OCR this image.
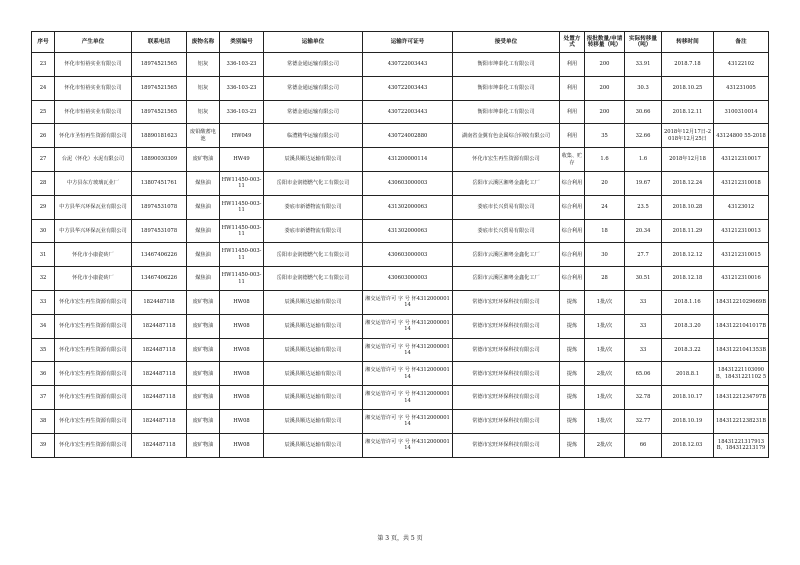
序号	产生单位	联系电话	废物名称	类别编号	运输单位	运输许可证号	接受单位	处置方式	报批数量/申请转移量（吨）	实际转移量（吨）	转移时间	备注
23	怀化市恒裕实业有限公司	18974521565	铝灰	336-103-23	常德金通运输有限公司	430722003443	衡阳市坤泰化工有限公司	利用	200	33.91	2018.7.18	43122102
24	怀化市恒裕实业有限公司	18974521565	铝灰	336-103-23	常德金通运输有限公司	430722003443	衡阳市坤泰化工有限公司	利用	200	30.3	2018.10.25	431231005
25	怀化市恒裕实业有限公司	18974521565	铝灰	336-103-23	常德金通运输有限公司	430722003443	衡阳市坤泰化工有限公司	利用	200	30.66	2018.12.11	3100310014
26	怀化市圣恒再生资源有限公司	18890181623	废铅酸蓄电池	HW049	临澧精华运输有限公司	430724002880	湖南省金翼有色金属综合回收有限公司	利用	35	32.66	2018年12月17日-2018年12月25日	43124800 55-2018
27	台泥（怀化）水泥有限公司	18890030309	废矿物油	HW49	辰溪县顺达运输有限公司	431200000114	怀化市宏生再生资源有限公司	收集、贮存	1.6	1.6	2018年12月18	431212310017
28	中方县东方玻璃瓦业厂	13807451761	煤焦油	HW11450-003-11	岳阳市金润德燃气化工有限公司	430603000003	岳阳市云溪区湘粤金鑫化工厂	综合利用	20	19.67	2018.12.24	431212310018
29	中方县华兴环保瓦业有限公司	18974531078	煤焦油	HW11450-003-11	娄底市新德物流有限公司	431302000063	娄底市长兴贸易有限公司	综合利用	24	23.5	2018.10.28	43123012
30	中方县华兴环保瓦业有限公司	18974531078	煤焦油	HW11450-003-11	娄底市新德物流有限公司	431302000063	娄底市长兴贸易有限公司	综合利用	18	20.34	2018.11.29	431212310013
31	怀化市小康瓷砖厂	13467406226	煤焦油	HW11450-003-11	岳阳市金润德燃气化工有限公司	430603000003	岳阳市云溪区湘粤金鑫化工厂	综合利用	30	27.7	2018.12.12	431212310015
32	怀化市小康瓷砖厂	13467406226	煤焦油	HW11450-003-11	岳阳市金润德燃气化工有限公司	430603000003	岳阳市云溪区湘粤金鑫化工厂	综合利用	28	30.51	2018.12.18	431212310016
33	怀化市宏生再生资源有限公司	18244871l8	废矿物油	HW08	辰溪县顺达运输有限公司	湘交运管许可 字 号 怀431200000114	常德市宏旺环保科技有限公司	提炼	1批/次	33	2018.1.16	18431221029669B
34	怀化市宏生再生资源有限公司	1824487118	废矿物油	HW08	辰溪县顺达运输有限公司	湘交运管许可 字 号 怀431200000114	常德市宏旺环保科技有限公司	提炼	1批/次	33	2018.3.20	18431221041017B
35	怀化市宏生再生资源有限公司	1824487118	废矿物油	HW08	辰溪县顺达运输有限公司	湘交运管许可 字 号 怀431200000114	常德市宏旺环保科技有限公司	提炼	1批/次	33	2018.3.22	18431221041353B
36	怀化市宏生再生资源有限公司	1824487118	废矿物油	HW08	辰溪县顺达运输有限公司	湘交运管许可 字 号 怀431200000114	常德市宏旺环保科技有限公司	提炼	2批/次	65.06	2018.8.1	18431221103090B、18431221102 5
37	怀化市宏生再生资源有限公司	1824487118	废矿物油	HW08	辰溪县顺达运输有限公司	湘交运管许可 字 号 怀431200000114	常德市宏旺环保科技有限公司	提炼	1批/次	32.78	2018.10.17	18431221234797B
38	怀化市宏生再生资源有限公司	1824487118	废矿物油	HW08	辰溪县顺达运输有限公司	湘交运管许可 字 号 怀431200000114	常德市宏旺环保科技有限公司	提炼	1批/次	32.77	2018.10.19	18431221238231B
39	怀化市宏生再生资源有限公司	1824487118	废矿物油	HW08	辰溪县顺达运输有限公司	湘交运管许可 字 号 怀431200000114	常德市宏旺环保科技有限公司	提炼	2批/次	66	2018.12.03	18431221317913B、184312213179
第 3 页，共 5 页
